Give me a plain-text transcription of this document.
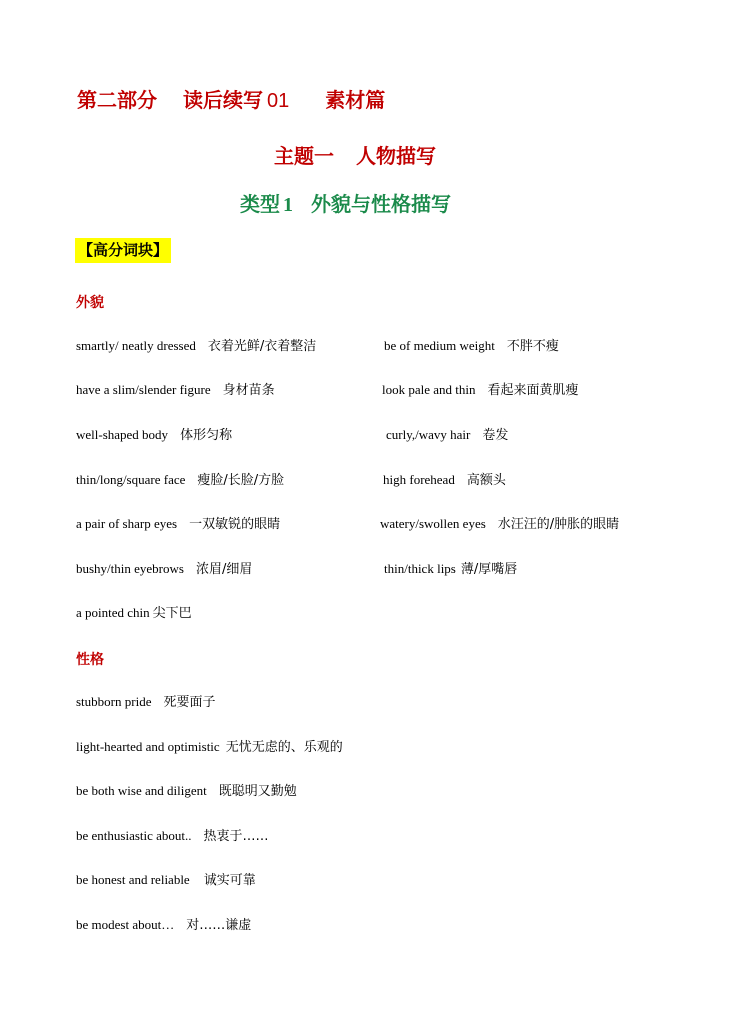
第二部分 读后续写 01 素材篇
主题一 人物描写
类型 1 外貌与性格描写
【高分词块】
外貌
smartly/ neatly dressed 衣着光鲜/衣着整洁	be of medium weight 不胖不瘦
have a slim/slender figure 身材苗条	look pale and thin 看起来面黄肌瘦
well-shaped body 体形匀称	curly,/wavy hair 卷发
thin/long/square face 瘦脸/长脸/方脸	high forehead 高额头
a pair of sharp eyes 一双敏锐的眼睛	watery/swollen eyes 水汪汪的/肿胀的眼睛
bushy/thin eyebrows 浓眉/细眉	thin/thick lips 薄/厚嘴唇
a pointed chin 尖下巴
性格
stubborn pride 死要面子
light-hearted and optimistic 无忧无虑的、乐观的
be both wise and diligent 既聪明又勤勉
be enthusiastic about.. 热衷于……
be honest and reliable 诚实可靠
be modest about… 对……谦虚
